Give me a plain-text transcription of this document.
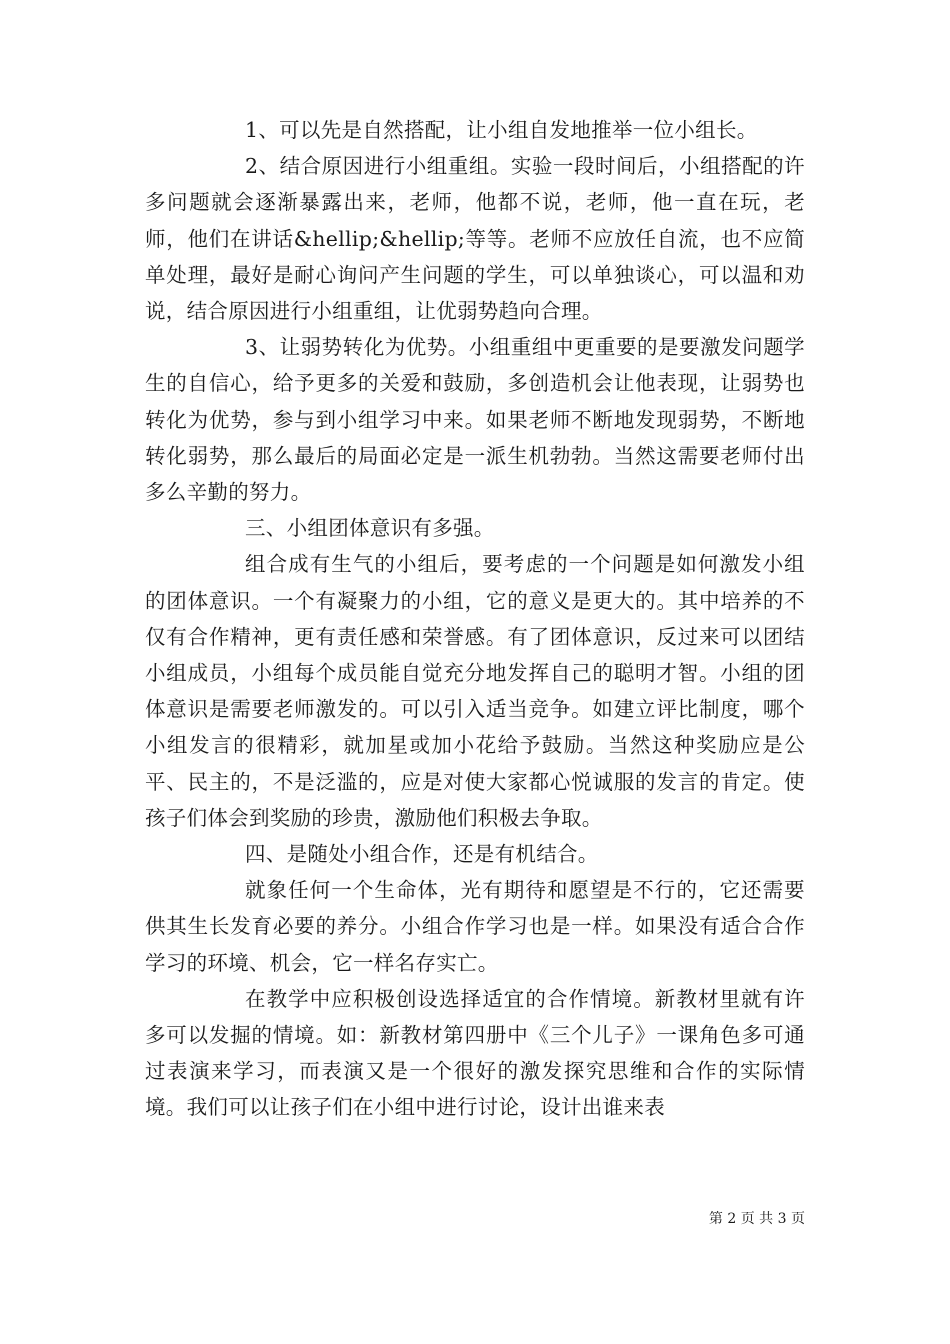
1、可以先是自然搭配，让小组自发地推举一位小组长。

2、结合原因进行小组重组。实验一段时间后，小组搭配的许多问题就会逐渐暴露出来，老师，他都不说，老师，他一直在玩，老师，他们在讲话&hellip;&hellip;等等。老师不应放任自流，也不应简单处理，最好是耐心询问产生问题的学生，可以单独谈心，可以温和劝说，结合原因进行小组重组，让优弱势趋向合理。

3、让弱势转化为优势。小组重组中更重要的是要激发问题学生的自信心，给予更多的关爱和鼓励，多创造机会让他表现，让弱势也转化为优势，参与到小组学习中来。如果老师不断地发现弱势，不断地转化弱势，那么最后的局面必定是一派生机勃勃。当然这需要老师付出多么辛勤的努力。

三、小组团体意识有多强。

组合成有生气的小组后，要考虑的一个问题是如何激发小组的团体意识。一个有凝聚力的小组，它的意义是更大的。其中培养的不仅有合作精神，更有责任感和荣誉感。有了团体意识，反过来可以团结小组成员，小组每个成员能自觉充分地发挥自己的聪明才智。小组的团体意识是需要老师激发的。可以引入适当竞争。如建立评比制度，哪个小组发言的很精彩，就加星或加小花给予鼓励。当然这种奖励应是公平、民主的，不是泛滥的，应是对使大家都心悦诚服的发言的肯定。使孩子们体会到奖励的珍贵，激励他们积极去争取。

四、是随处小组合作，还是有机结合。

就象任何一个生命体，光有期待和愿望是不行的，它还需要供其生长发育必要的养分。小组合作学习也是一样。如果没有适合合作学习的环境、机会，它一样名存实亡。

在教学中应积极创设选择适宜的合作情境。新教材里就有许多可以发掘的情境。如：新教材第四册中《三个儿子》一课角色多可通过表演来学习，而表演又是一个很好的激发探究思维和合作的实际情境。我们可以让孩子们在小组中进行讨论，设计出谁来表

第 2 页 共 3 页
